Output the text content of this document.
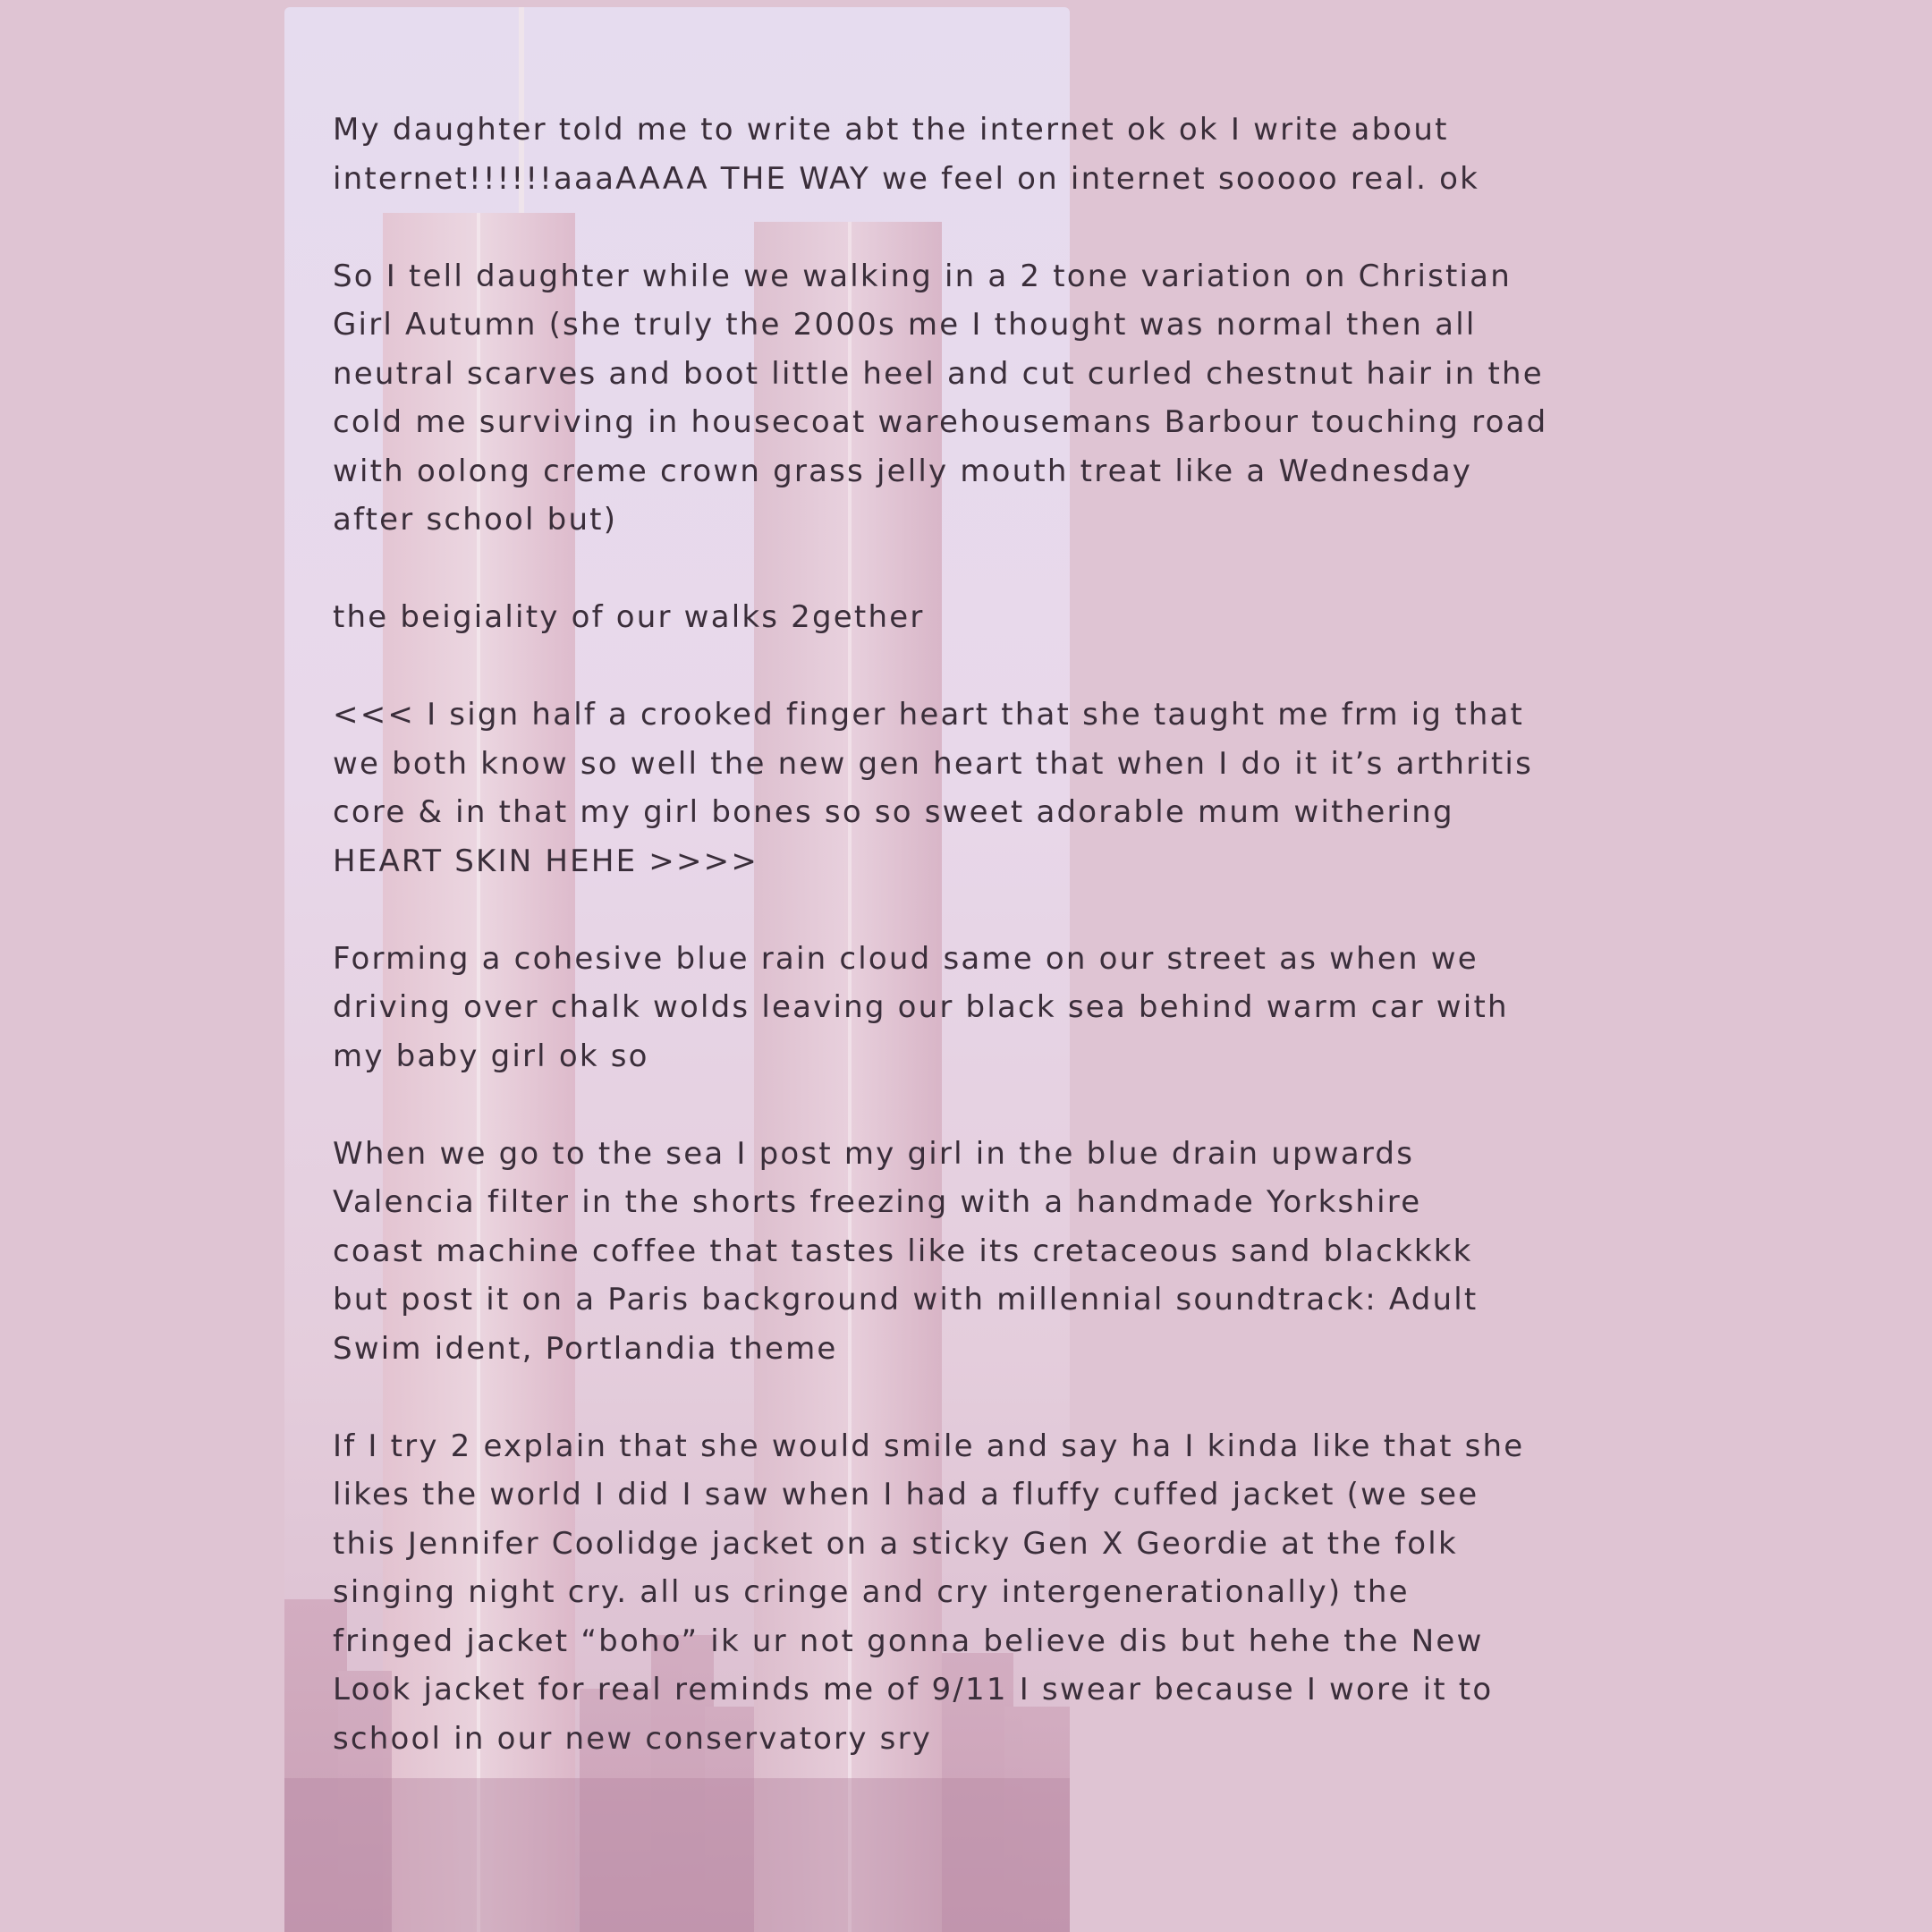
My daughter told me to write abt the internet ok ok I write about
internet!!!!!!aaaAAAA THE WAY we feel on internet sooooo real. ok
So I tell daughter while we walking in a 2 tone variation on Christian
Girl Autumn (she truly the 2000s me I thought was normal then all
neutral scarves and boot little heel and cut curled chestnut hair in the
cold me surviving in housecoat warehousemans Barbour touching road
with oolong creme crown grass jelly mouth treat like a Wednesday
after school but)
the beigiality of our walks 2gether
<<< I sign half a crooked finger heart that she taught me frm ig that
we both know so well the new gen heart that when I do it it’s arthritis
core & in that my girl bones so so sweet adorable mum withering
HEART SKIN HEHE >>>>
Forming a cohesive blue rain cloud same on our street as when we
driving over chalk wolds leaving our black sea behind warm car with
my baby girl ok so
When we go to the sea I post my girl in the blue drain upwards
Valencia filter in the shorts freezing with a handmade Yorkshire
coast machine coffee that tastes like its cretaceous sand blackkkk
but post it on a Paris background with millennial soundtrack: Adult
Swim ident, Portlandia theme
If I try 2 explain that she would smile and say ha I kinda like that she
likes the world I did I saw when I had a fluffy cuffed jacket (we see
this Jennifer Coolidge jacket on a sticky Gen X Geordie at the folk
singing night cry. all us cringe and cry intergenerationally) the
fringed jacket “boho” ik ur not gonna believe dis but hehe the New
Look jacket for real reminds me of 9/11 I swear because I wore it to
school in our new conservatory sry
